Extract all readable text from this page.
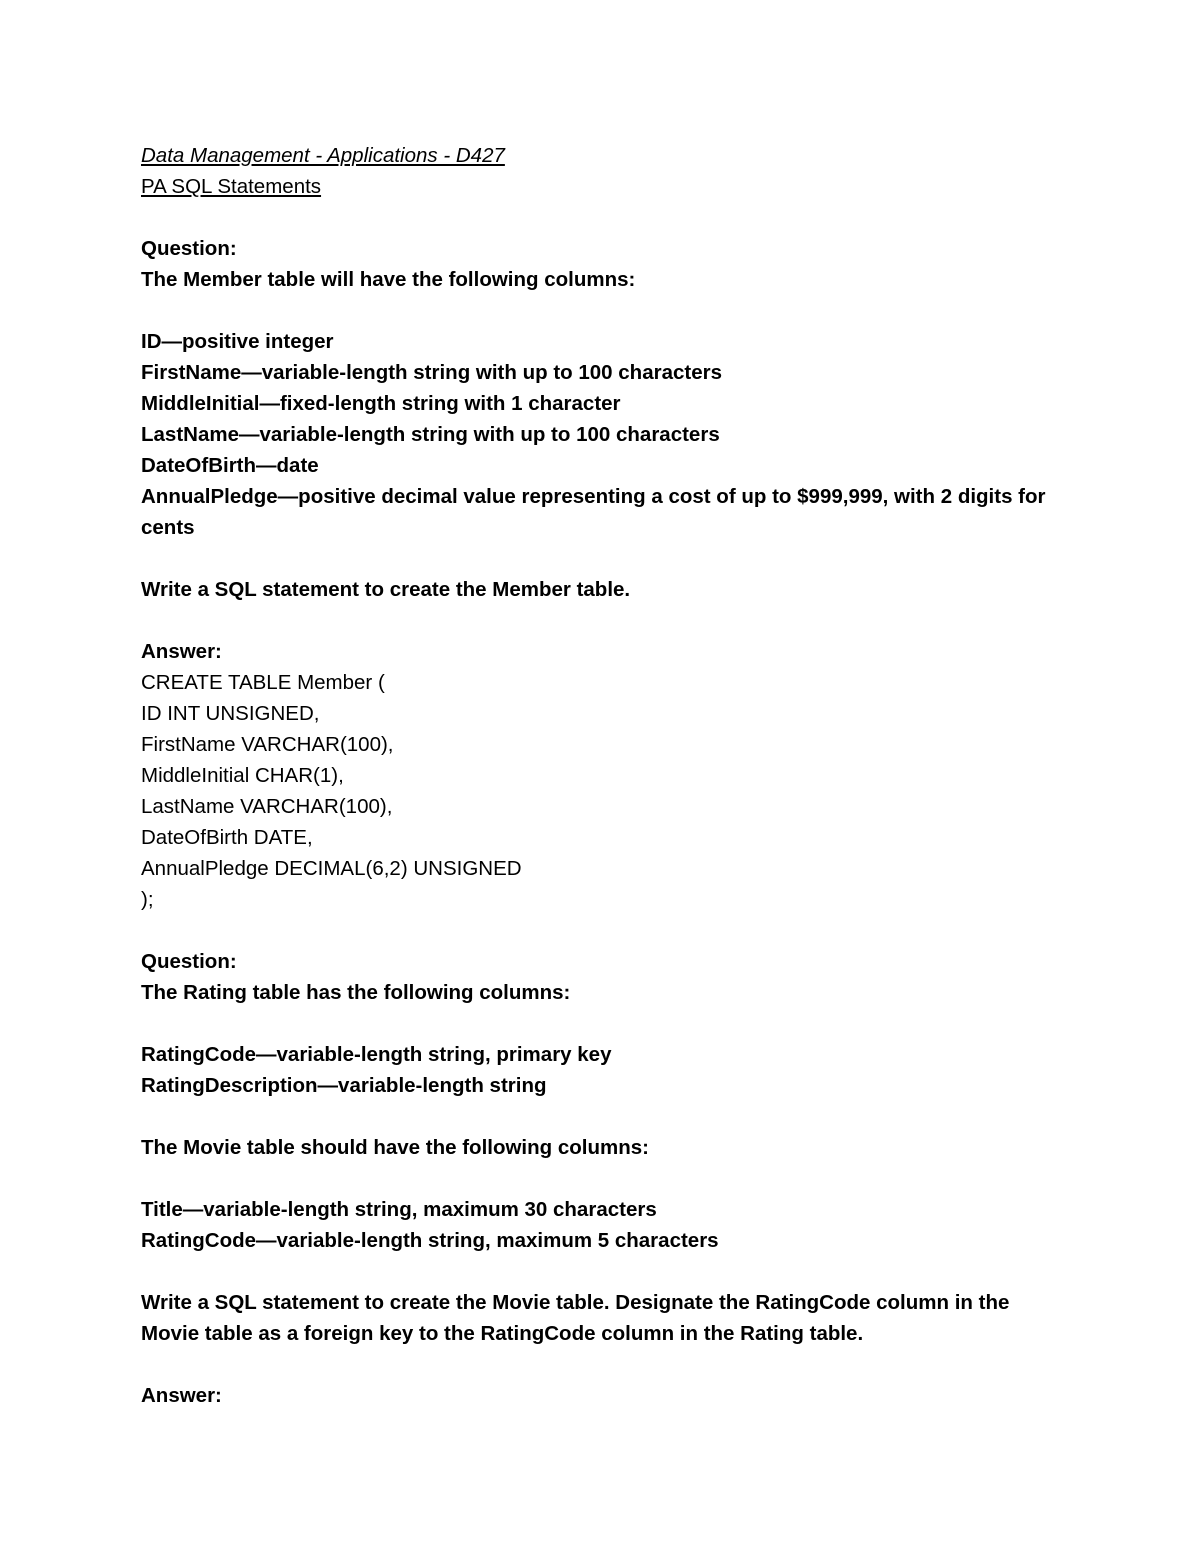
Data Management - Applications - D427
PA SQL Statements
Question:
The Member table will have the following columns:
ID—positive integer
FirstName—variable-length string with up to 100 characters
MiddleInitial—fixed-length string with 1 character
LastName—variable-length string with up to 100 characters
DateOfBirth—date
AnnualPledge—positive decimal value representing a cost of up to $999,999, with 2 digits for cents
Write a SQL statement to create the Member table.
Answer:
CREATE TABLE Member (
ID INT UNSIGNED,
FirstName VARCHAR(100),
MiddleInitial CHAR(1),
LastName VARCHAR(100),
DateOfBirth DATE,
AnnualPledge DECIMAL(6,2) UNSIGNED
);
Question:
The Rating table has the following columns:
RatingCode—variable-length string, primary key
RatingDescription—variable-length string
The Movie table should have the following columns:
Title—variable-length string, maximum 30 characters
RatingCode—variable-length string, maximum 5 characters
Write a SQL statement to create the Movie table. Designate the RatingCode column in the Movie table as a foreign key to the RatingCode column in the Rating table.
Answer:
